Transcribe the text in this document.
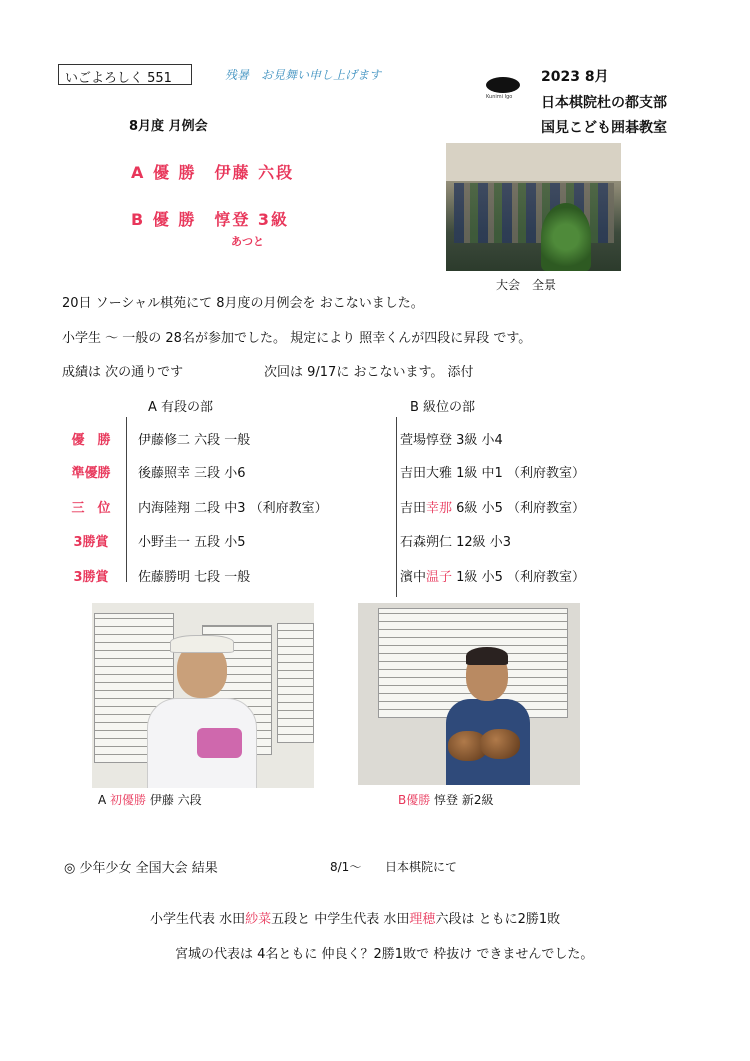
いごよろしく 551	残暑　お見舞い申し上げます
Kunimi Igo
2023 8月
日本棋院杜の都支部
国見こども囲碁教室
8月度 月例会
A 優 勝　伊藤 六段
B 優 勝　惇登 3級
あつと
大会　全景
20日 ソーシャル棋苑にて 8月度の月例会を おこないました。
小学生 ～ 一般の 28名が参加でした。 規定により 照幸くんが四段に昇段 です。
成績は 次の通りです	次回は 9/17に おこないます。 添付
A 有段の部	B 級位の部
優　勝	伊藤修二 六段 一般	萱場惇登 3級 小4
準優勝	後藤照幸 三段 小6	吉田大雅 1級 中1 （利府教室）
三　位	内海陸翔 二段 中3 （利府教室）	吉田幸那 6級 小5 （利府教室）
3勝賞	小野圭一 五段 小5	石森朔仁 12級 小3
3勝賞	佐藤勝明 七段 一般	濱中温子 1級 小5 （利府教室）
A 初優勝 伊藤 六段	B優勝 惇登 新2級
◎ 少年少女 全国大会 結果	8/1～ 日本棋院にて
小学生代表 水田紗菜五段と 中学生代表 水田理穂六段は ともに2勝1敗
宮城の代表は 4名ともに 仲良く？2勝1敗で 枠抜け できませんでした。
